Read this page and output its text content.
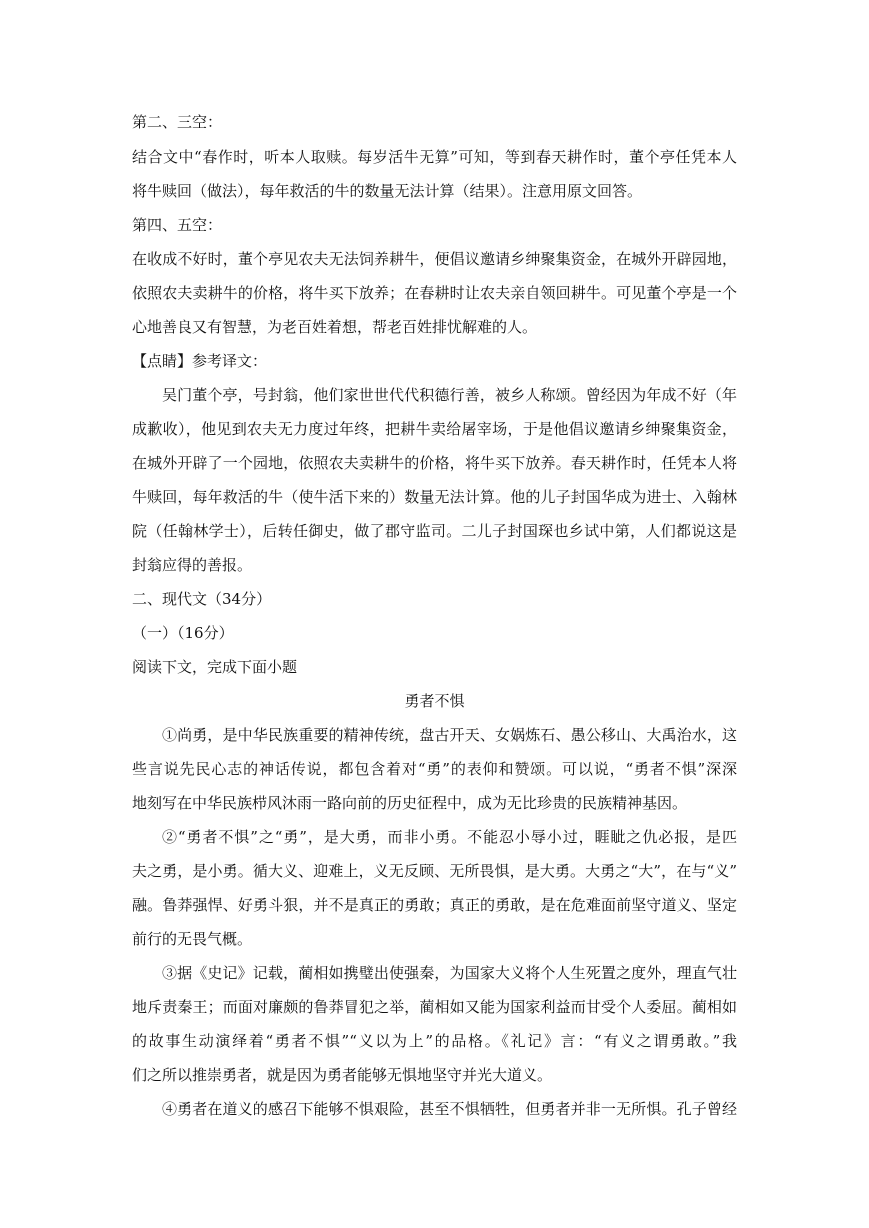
第二、三空：
结合文中“春作时，听本人取赎。每岁活牛无算”可知，等到春天耕作时，董个亭任凭本人
将牛赎回（做法），每年救活的牛的数量无法计算（结果）。注意用原文回答。
第四、五空：
在收成不好时，董个亭见农夫无法饲养耕牛，便倡议邀请乡绅聚集资金，在城外开辟园地，
依照农夫卖耕牛的价格，将牛买下放养；在春耕时让农夫亲自领回耕牛。可见董个亭是一个
心地善良又有智慧，为老百姓着想，帮老百姓排忧解难的人。
【点睛】参考译文：
吴门董个亭，号封翁，他们家世世代代积德行善，被乡人称颂。曾经因为年成不好（年
成歉收），他见到农夫无力度过年终，把耕牛卖给屠宰场，于是他倡议邀请乡绅聚集资金，
在城外开辟了一个园地，依照农夫卖耕牛的价格，将牛买下放养。春天耕作时，任凭本人将
牛赎回，每年救活的牛（使牛活下来的）数量无法计算。他的儿子封国华成为进士、入翰林
院（任翰林学士），后转任御史，做了郡守监司。二儿子封国琛也乡试中第，人们都说这是
封翁应得的善报。
二、现代文（34分）
（一）（16分）
阅读下文，完成下面小题
勇者不惧
①尚勇，是中华民族重要的精神传统，盘古开天、女娲炼石、愚公移山、大禹治水，这
些言说先民心志的神话传说，都包含着对“勇”的表仰和赞颂。可以说，“勇者不惧”深深
地刻写在中华民族栉风沐雨一路向前的历史征程中，成为无比珍贵的民族精神基因。
②“勇者不惧”之“勇”，是大勇，而非小勇。不能忍小辱小过，睚眦之仇必报，是匹
夫之勇，是小勇。循大义、迎难上，义无反顾、无所畏惧，是大勇。大勇之“大”，在与“义”
融。鲁莽强悍、好勇斗狠，并不是真正的勇敢；真正的勇敢，是在危难面前坚守道义、坚定
前行的无畏气概。
③据《史记》记载，蔺相如携璧出使强秦，为国家大义将个人生死置之度外，理直气壮
地斥责秦王；而面对廉颇的鲁莽冒犯之举，蔺相如又能为国家利益而甘受个人委屈。蔺相如
的故事生动演绎着“勇者不惧”“义以为上”的品格。《礼记》言：“有义之谓勇敢。”我
们之所以推崇勇者，就是因为勇者能够无惧地坚守并光大道义。
④勇者在道义的感召下能够不惧艰险，甚至不惧牺牲，但勇者并非一无所惧。孔子曾经
